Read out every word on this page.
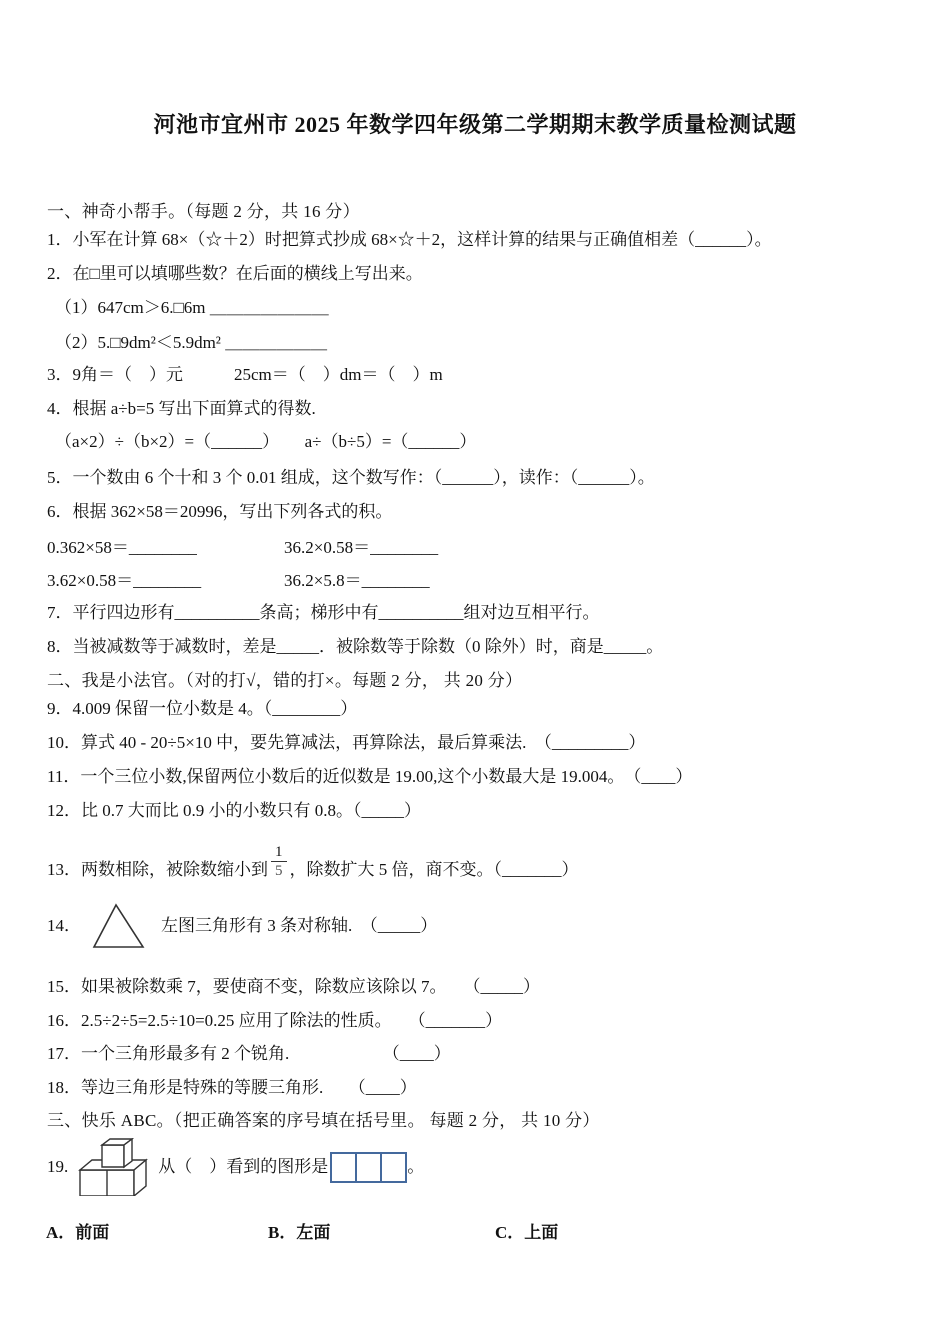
河池市宜州市 2025 年数学四年级第二学期期末教学质量检测试题
一、神奇小帮手。（每题 2 分，共 16 分）
1．小军在计算 68×（☆＋2）时把算式抄成 68×☆＋2，这样计算的结果与正确值相差（______）。
2．在□里可以填哪些数？在后面的横线上写出来。
（1）647cm＞6.□6m ＿＿＿＿＿＿＿
（2）5.□9dm²＜5.9dm² ＿＿＿＿＿＿
3．9角＝（　）元　　　25cm＝（　）dm＝（　）m
4．根据 a÷b=5 写出下面算式的得数.
（a×2）÷（b×2）=（______）　　a÷（b÷5）=（______）
5．一个数由 6 个十和 3 个 0.01 组成，这个数写作：（______），读作：（______）。
6．根据 362×58＝20996，写出下列各式的积。
0.362×58＝________	36.2×0.58＝________
3.62×0.58＝________	36.2×5.8＝________
7．平行四边形有__________条高；梯形中有__________组对边互相平行。
8．当被减数等于减数时，差是_____．被除数等于除数（0 除外）时，商是_____。
二、我是小法官。（对的打√，错的打×。每题 2 分， 共 20 分）
9．4.009 保留一位小数是 4。（________）
10．算式 40 - 20÷5×10 中，要先算减法，再算除法，最后算乘法.　（_________）
11．一个三位小数,保留两位小数后的近似数是 19.00,这个小数最大是 19.004。　（____）
12．比 0.7 大而比 0.9 小的小数只有 0.8。（_____）
13．两数相除，被除数缩小到 $\frac{1}{5}$ ，除数扩大 5 倍，商不变。（_______）
14．	左图三角形有 3 条对称轴.　（_____）
15．如果被除数乘 7，要使商不变，除数应该除以 7。　　（_____）
16．2.5÷2÷5=2.5÷10=0.25 应用了除法的性质。　　（_______）
17．一个三角形最多有 2 个锐角.　　　　　　（____）
18．等边三角形是特殊的等腰三角形.　　（____）
三、快乐 ABC。（把正确答案的序号填在括号里。 每题 2 分， 共 10 分）
19.	从（　）看到的图形是	。
A．前面	B．左面	C．上面
